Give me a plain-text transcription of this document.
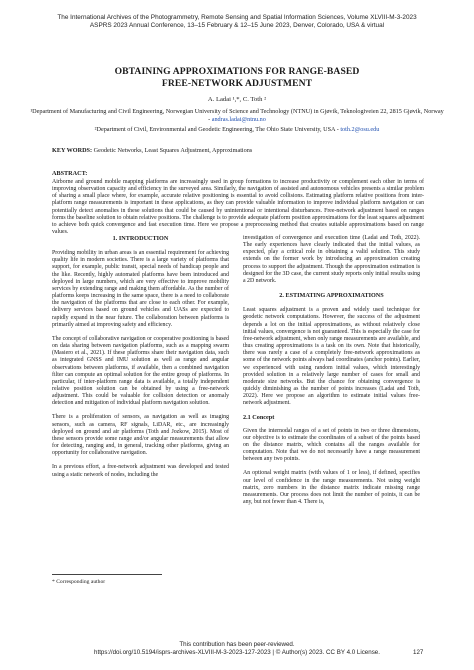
The International Archives of the Photogrammetry, Remote Sensing and Spatial Information Sciences, Volume XLVIII-M-3-2023
ASPRS 2023 Annual Conference, 13–15 February & 12–15 June 2023, Denver, Colorado, USA & virtual
OBTAINING APPROXIMATIONS FOR RANGE-BASED
FREE-NETWORK ADJUSTMENT
A. Ladai ¹,*, C. Toth ²
¹Department of Manufacturing and Civil Engineering, Norwegian University of Science and Technology (NTNU) in Gjøvik, Teknologiveien 22, 2815 Gjøvik, Norway - andras.ladai@ntnu.no
²Department of Civil, Environmental and Geodetic Engineering, The Ohio State University, USA - toth.2@osu.edu
KEY WORDS: Geodetic Networks, Least Squares Adjustment, Approximations
ABSTRACT:
Airborne and ground mobile mapping platforms are increasingly used in group formations to increase productivity or complement each other in terms of improving observation capacity and efficiency in the surveyed area. Similarly, the navigation of assisted and autonomous vehicles presents a similar problem of sharing a small place where, for example, accurate relative positioning is essential to avoid collisions. Estimating platform relative positions from inter-platform range measurements is important in these applications, as they can provide valuable information to improve individual platform navigation or can potentially detect anomalies in these solutions that could be caused by unintentional or intentional disturbances. Free-network adjustment based on ranges forms the baseline solution to obtain relative positions. The challenge is to provide adequate platform position approximations for the least squares adjustment to achieve both quick convergence and fast execution time. Here we propose a preprocessing method that creates suitable approximations based on range values.
1. INTRODUCTION

Providing mobility in urban areas is an essential requirement for achieving quality life in modern societies. There is a large variety of platforms that support, for example, public transit, special needs of handicap people and the like. Recently, highly automated platforms have been introduced and deployed in large numbers, which are very effective to improve mobility services by extending range and making them affordable. As the number of platforms keeps increasing in the same space, there is a need to collaborate the navigation of the platforms that are close to each other. For example, delivery services based on ground vehicles and UASs are expected to rapidly expand in the near future. The collaboration between platforms is primarily aimed at improving safety and efficiency.

The concept of collaborative navigation or cooperative positioning is based on data sharing between navigation platforms, such as a mapping swarm (Masiero et al., 2021). If these platforms share their navigation data, such as integrated GNSS and IMU solution as well as range and angular observations between platforms, if available, then a combined navigation filter can compute an optimal solution for the entire group of platforms. In particular, if inter-platform range data is available, a totally independent relative position solution can be obtained by using a free-network adjustment. This could be valuable for collision detection or anomaly detection and mitigation of individual platform navigation solution.

There is a proliferation of sensors, as navigation as well as imaging sensors, such as camera, RF signals, LiDAR, etc., are increasingly deployed on ground and air platforms (Toth and Jozkow, 2015). Most of these sensors provide some range and/or angular measurements that allow for detecting, ranging and, in general, tracking other platforms, giving an opportunity for collaborative navigation.

In a previous effort, a free-network adjustment was developed and tested using a static network of nodes, including the

investigation of convergence and execution time (Ladai and Toth, 2022). The early experiences have clearly indicated that the initial values, as expected, play a critical role in obtaining a valid solution. This study extends on the former work by introducing an approximation creating process to support the adjustment. Though the approximation estimation is designed for the 3D case, the current study reports only initial results using a 2D network.

2. ESTIMATING APPROXIMATIONS

Least squares adjustment is a proven and widely used technique for geodetic network computations. However, the success of the adjustment depends a lot on the initial approximations, as without relatively close initial values, convergence is not guaranteed. This is especially the case for free-network adjustment, when only range measurements are available, and thus creating approximations is a task on its own. Note that historically, there was rarely a case of a completely free-network approximations as some of the network points always had coordinates (anchor points). Earlier, we experienced with using random initial values, which interestingly provided solution in a relatively large number of cases for small and moderate size networks. But the chance for obtaining convergence is quickly diminishing as the number of points increases (Ladai and Toth, 2022). Here we propose an algorithm to estimate initial values free-network adjustment.

2.1 Concept

Given the internodal ranges of a set of points in two or three dimensions, our objective is to estimate the coordinates of a subset of the points based on the distance matrix, which contains all the ranges available for computation. Note that we do not necessarily have a range measurement between any two points.

An optional weight matrix (with values of 1 or less), if defined, specifies our level of confidence in the range measurements. Not using weight matrix, zero numbers in the distance matrix indicate missing range measurements. Our process does not limit the number of points, it can be any, but not fewer than 4. There is,

* Corresponding author
This contribution has been peer-reviewed.
https://doi.org/10.5194/isprs-archives-XLVIII-M-3-2023-127-2023 | © Author(s) 2023. CC BY 4.0 License.	127
